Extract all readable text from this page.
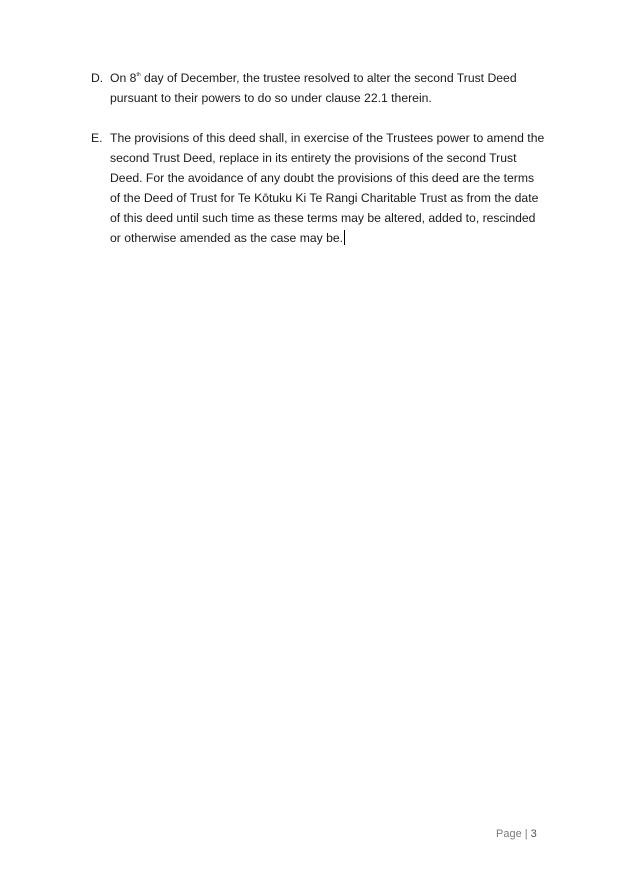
D. On 8th day of December, the trustee resolved to alter the second Trust Deed
pursuant to their powers to do so under clause 22.1 therein.
E. The provisions of this deed shall, in exercise of the Trustees power to amend the
second Trust Deed, replace in its entirety the provisions of the second Trust
Deed. For the avoidance of any doubt the provisions of this deed are the terms
of the Deed of Trust for Te Kōtuku Ki Te Rangi Charitable Trust as from the date
of this deed until such time as these terms may be altered, added to, rescinded
or otherwise amended as the case may be.
Page | 3
